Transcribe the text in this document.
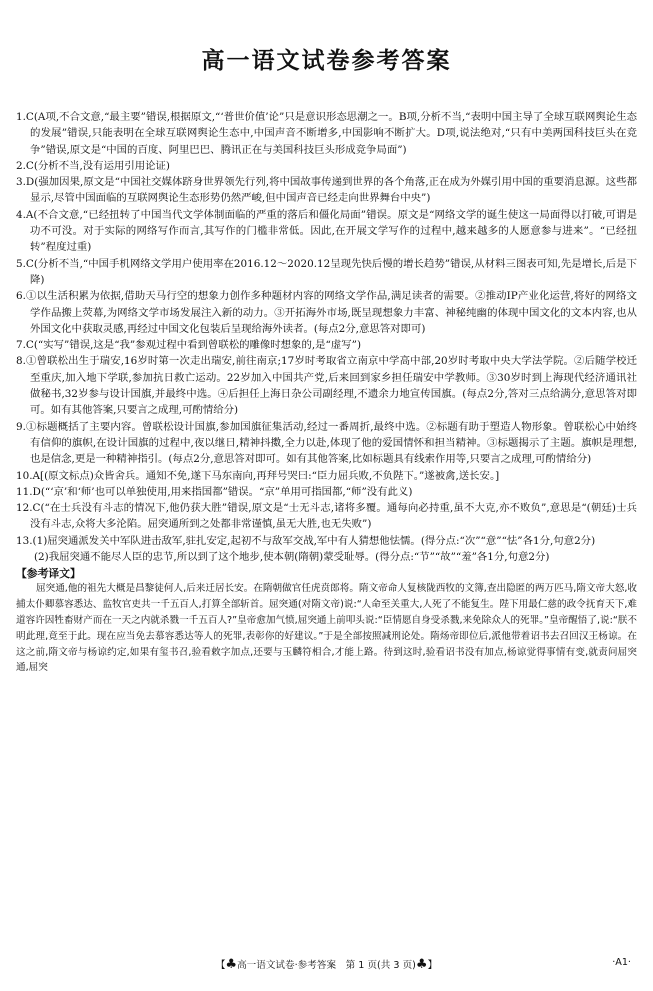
高一语文试卷参考答案
1.C(A项,不合文意,“最主要”错误,根据原文,“‘普世价值’论”只是意识形态思潮之一。B项,分析不当,“表明中国主导了全球互联网舆论生态的发展”错误,只能表明在全球互联网舆论生态中,中国声音不断增多,中国影响不断扩大。D项,说法绝对,“只有中美两国科技巨头在竞争”错误,原文是“中国的百度、阿里巴巴、腾讯正在与美国科技巨头形成竞争局面”)
2.C(分析不当,没有运用引用论证)
3.D(强加因果,原文是“中国社交媒体跻身世界领先行列,将中国故事传递到世界的各个角落,正在成为外媒引用中国的重要消息源。这些都显示,尽管中国面临的互联网舆论生态形势仍然严峻,但中国声音已经走向世界舞台中央”)
4.A(不合文意,“已经扭转了中国当代文学体制面临的严重的落后和僵化局面”错误。原文是“网络文学的诞生使这一局面得以打破,可谓是功不可没。对于实际的网络写作而言,其写作的门槛非常低。因此,在开展文学写作的过程中,越来越多的人愿意参与进来”。“已经扭转”程度过重)
5.C(分析不当,“中国手机网络文学用户使用率在2016.12～2020.12呈现先快后慢的增长趋势”错误,从材料三图表可知,先是增长,后是下降)
6.①以生活积累为依据,借助天马行空的想象力创作多种题材内容的网络文学作品,满足读者的需要。②推动IP产业化运营,将好的网络文学作品搬上荧幕,为网络文学市场发展注入新的动力。③开拓海外市场,既呈现想象力丰富、神秘纯幽的体现中国文化的文本内容,也从外国文化中获取灵感,再经过中国文化包装后呈现给海外读者。(每点2分,意思答对即可)
7.C(“实写”错误,这是“我”参观过程中看到曾联松的雕像时想象的,是“虚写”)
8.①曾联松出生于瑞安,16岁时第一次走出瑞安,前往南京;17岁时考取省立南京中学高中部,20岁时考取中央大学法学院。②后随学校迁至重庆,加入地下学联,参加抗日救亡运动。22岁加入中国共产党,后来回到家乡担任瑞安中学教师。③30岁时到上海现代经济通讯社做秘书,32岁参与设计国旗,并最终中选。④后担任上海日杂公司副经理,不遗余力地宣传国旗。(每点2分,答对三点给满分,意思答对即可。如有其他答案,只要言之成理,可酌情给分)
9.①标题概括了主要内容。曾联松设计国旗,参加国旗征集活动,经过一番周折,最终中选。②标题有助于塑造人物形象。曾联松心中始终有信仰的旗帜,在设计国旗的过程中,夜以继日,精神抖擞,全力以赴,体现了他的爱国情怀和担当精神。③标题揭示了主题。旗帜是理想,也是信念,更是一种精神指引。(每点2分,意思答对即可。如有其他答案,比如标题具有线索作用等,只要言之成理,可酌情给分)
10.A[(原文标点)众皆舍兵。通知不免,遂下马东南向,再拜号哭曰:“臣力屈兵败,不负陛下。”遂被禽,送长安。]
11.D(“‘京’和‘师’也可以单独使用,用来指国都”错误。“京”单用可指国都,“师”没有此义)
12.C(“在士兵没有斗志的情况下,他仍获大胜”错误,原文是“士无斗志,诸将多覆。通每向必持重,虽不大克,亦不败负”,意思是“(朝廷)士兵没有斗志,众将大多沦陷。屈突通所到之处都非常谨慎,虽无大胜,也无失败”)
13.(1)屈突通派发关中军队进击敌军,驻扎安定,起初不与敌军交战,军中有人猜想他怯懦。(得分点:“次”“意”“怯”各1分,句意2分)
(2)我屈突通不能尽人臣的忠节,所以到了这个地步,使本朝(隋朝)蒙受耻辱。(得分点:“节”“故”“羞”各1分,句意2分)
【参考译文】
屈突通,他的祖先大概是昌黎徒何人,后来迁居长安。在隋朝做官任虎贲郎将。隋文帝命人复核陇西牧的文簿,查出隐匿的两万匹马,隋文帝大怒,收捕太仆卿慕容悉达、监牧官吏共一千五百人,打算全部斩首。屈突通(对隋文帝)说:“人命至关重大,人死了不能复生。陛下用最仁慈的政令抚育天下,难道容许因牲畜财产而在一天之内就杀戮一千五百人?”皇帝愈加气愤,屈突通上前叩头说:“臣情愿自身受杀戮,来免除众人的死罪。”皇帝醒悟了,说:“朕不明此理,竟至于此。现在应当免去慕容悉达等人的死罪,表彰你的好建议。”于是全部按照减刑论处。隋炀帝即位后,派他带着诏书去召回汉王杨谅。在这之前,隋文帝与杨谅约定,如果有玺书召,验看敕字加点,还要与玉麟符相合,才能上路。待到这时,验看诏书没有加点,杨谅觉得事情有变,就责问屈突通,屈突
【♣高一语文试卷·参考答案　第 1 页(共 3 页)♣】	·A1·
